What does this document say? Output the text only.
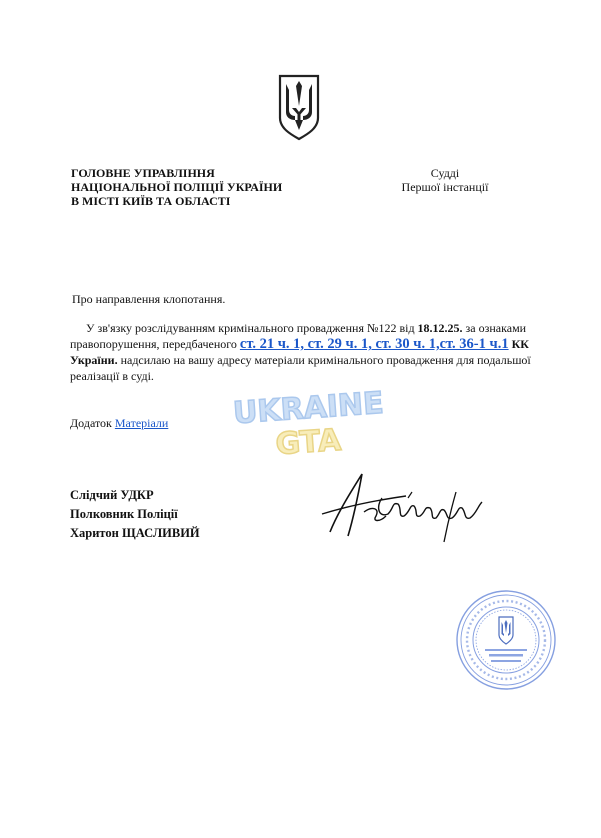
ГОЛОВНЕ УПРАВЛІННЯ
НАЦІОНАЛЬНОЇ ПОЛІЦІЇ УКРАЇНИ
В МІСТІ КИЇВ ТА ОБЛАСТІ
Судді
Першої інстанції
Про направлення клопотання.
У зв'язку розслідуванням кримінального провадження №122 від 18.12.25. за ознаками правопорушення, передбаченого ст. 21 ч. 1, ст. 29 ч. 1, ст. 30 ч. 1,ст. 36-1 ч.1 КК України. надсилаю на вашу адресу матеріали кримінального провадження для подальшої реалізації в суді.
Додаток Матеріали UKRAINE
GTA
Слідчий УДКР
Полковник Поліції
Харитон ЩАСЛИВИЙ
